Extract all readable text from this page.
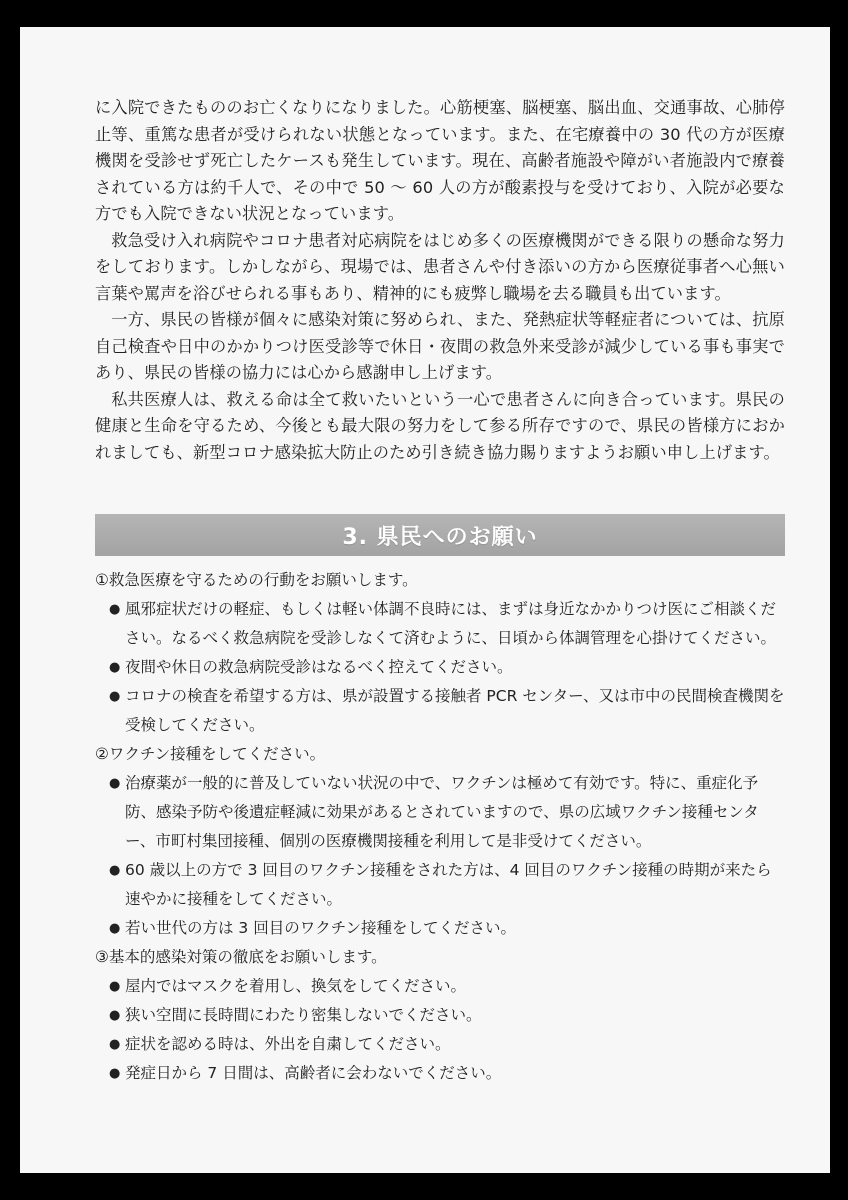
に入院できたもののお亡くなりになりました。心筋梗塞、脳梗塞、脳出血、交通事故、心肺停止等、重篤な患者が受けられない状態となっています。また、在宅療養中の 30 代の方が医療機関を受診せず死亡したケースも発生しています。現在、高齢者施設や障がい者施設内で療養されている方は約千人で、その中で 50 ～ 60 人の方が酸素投与を受けており、入院が必要な方でも入院できない状況となっています。

救急受け入れ病院やコロナ患者対応病院をはじめ多くの医療機関ができる限りの懸命な努力をしております。しかしながら、現場では、患者さんや付き添いの方から医療従事者へ心無い言葉や罵声を浴びせられる事もあり、精神的にも疲弊し職場を去る職員も出ています。

一方、県民の皆様が個々に感染対策に努められ、また、発熱症状等軽症者については、抗原自己検査や日中のかかりつけ医受診等で休日・夜間の救急外来受診が減少している事も事実であり、県民の皆様の協力には心から感謝申し上げます。

私共医療人は、救える命は全て救いたいという一心で患者さんに向き合っています。県民の健康と生命を守るため、今後とも最大限の努力をして参る所存ですので、県民の皆様方におかれましても、新型コロナ感染拡大防止のため引き続き協力賜りますようお願い申し上げます。

3. 県民へのお願い

①救急医療を守るための行動をお願いします。

● 風邪症状だけの軽症、もしくは軽い体調不良時には、まずは身近なかかりつけ医にご相談ください。なるべく救急病院を受診しなくて済むように、日頃から体調管理を心掛けてください。
● 夜間や休日の救急病院受診はなるべく控えてください。
● コロナの検査を希望する方は、県が設置する接触者 PCR センター、又は市中の民間検査機関を受検してください。

②ワクチン接種をしてください。

● 治療薬が一般的に普及していない状況の中で、ワクチンは極めて有効です。特に、重症化予防、感染予防や後遺症軽減に効果があるとされていますので、県の広域ワクチン接種センター、市町村集団接種、個別の医療機関接種を利用して是非受けてください。
● 60 歳以上の方で 3 回目のワクチン接種をされた方は、4 回目のワクチン接種の時期が来たら速やかに接種をしてください。
● 若い世代の方は 3 回目のワクチン接種をしてください。

③基本的感染対策の徹底をお願いします。

● 屋内ではマスクを着用し、換気をしてください。
● 狭い空間に長時間にわたり密集しないでください。
● 症状を認める時は、外出を自粛してください。
● 発症日から 7 日間は、高齢者に会わないでください。
